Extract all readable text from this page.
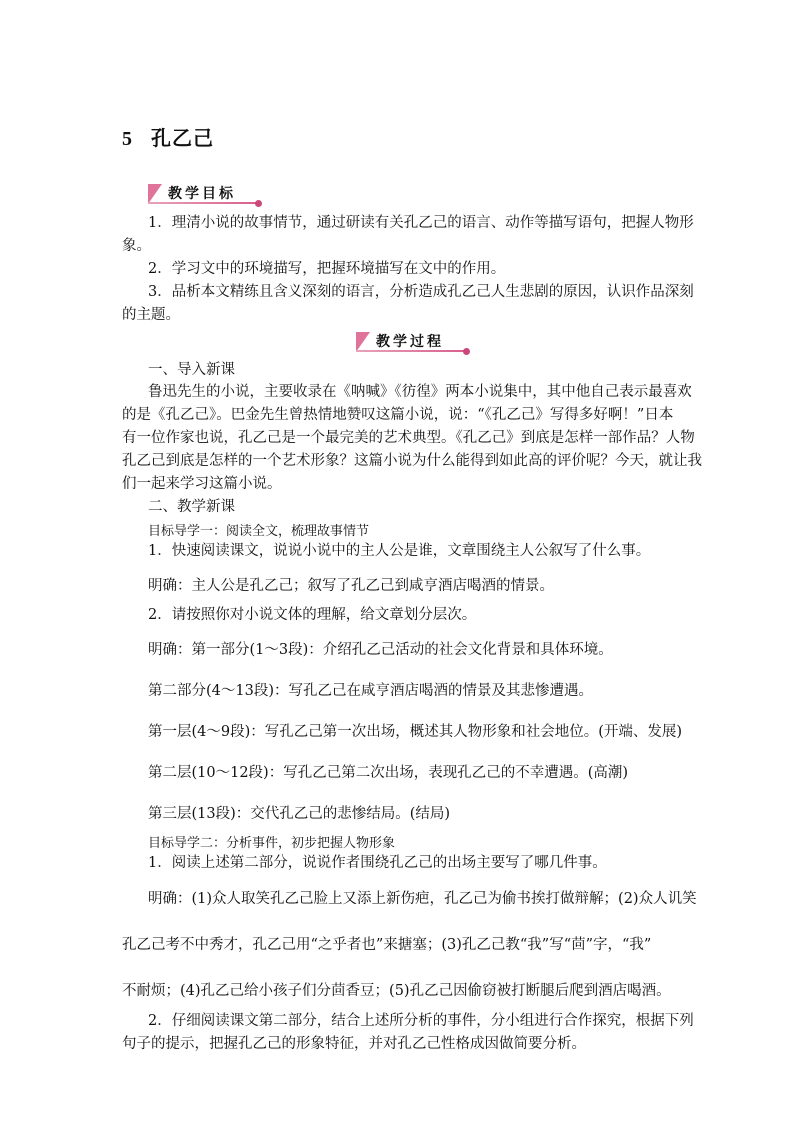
5 孔乙己
教学目标
1．理清小说的故事情节，通过研读有关孔乙己的语言、动作等描写语句，把握人物形
象。
2．学习文中的环境描写，把握环境描写在文中的作用。
3．品析本文精练且含义深刻的语言，分析造成孔乙己人生悲剧的原因，认识作品深刻
的主题。
教学过程
一、导入新课
鲁迅先生的小说，主要收录在《呐喊》《彷徨》两本小说集中，其中他自己表示最喜欢
的是《孔乙己》。巴金先生曾热情地赞叹这篇小说，说：“《孔乙己》写得多好啊！”日本
有一位作家也说，孔乙己是一个最完美的艺术典型。《孔乙己》到底是怎样一部作品？人物
孔乙己到底是怎样的一个艺术形象？这篇小说为什么能得到如此高的评价呢？今天，就让我
们一起来学习这篇小说。
二、教学新课
目标导学一：阅读全文，梳理故事情节
1．快速阅读课文，说说小说中的主人公是谁，文章围绕主人公叙写了什么事。
明确：主人公是孔乙己；叙写了孔乙己到咸亨酒店喝酒的情景。
2．请按照你对小说文体的理解，给文章划分层次。
明确：第一部分(1～3段)：介绍孔乙己活动的社会文化背景和具体环境。
第二部分(4～13段)：写孔乙己在咸亨酒店喝酒的情景及其悲惨遭遇。
第一层(4～9段)：写孔乙己第一次出场，概述其人物形象和社会地位。(开端、发展)
第二层(10～12段)：写孔乙己第二次出场，表现孔乙己的不幸遭遇。(高潮)
第三层(13段)：交代孔乙己的悲惨结局。(结局)
目标导学二：分析事件，初步把握人物形象
1．阅读上述第二部分，说说作者围绕孔乙己的出场主要写了哪几件事。
明确：(1)众人取笑孔乙己脸上又添上新伤疤，孔乙己为偷书挨打做辩解；(2)众人讥笑
孔乙己考不中秀才，孔乙己用“之乎者也”来搪塞；(3)孔乙己教“我”写“茴”字，“我”
不耐烦；(4)孔乙己给小孩子们分茴香豆；(5)孔乙己因偷窃被打断腿后爬到酒店喝酒。
2．仔细阅读课文第二部分，结合上述所分析的事件，分小组进行合作探究，根据下列
句子的提示，把握孔乙己的形象特征，并对孔乙己性格成因做简要分析。
